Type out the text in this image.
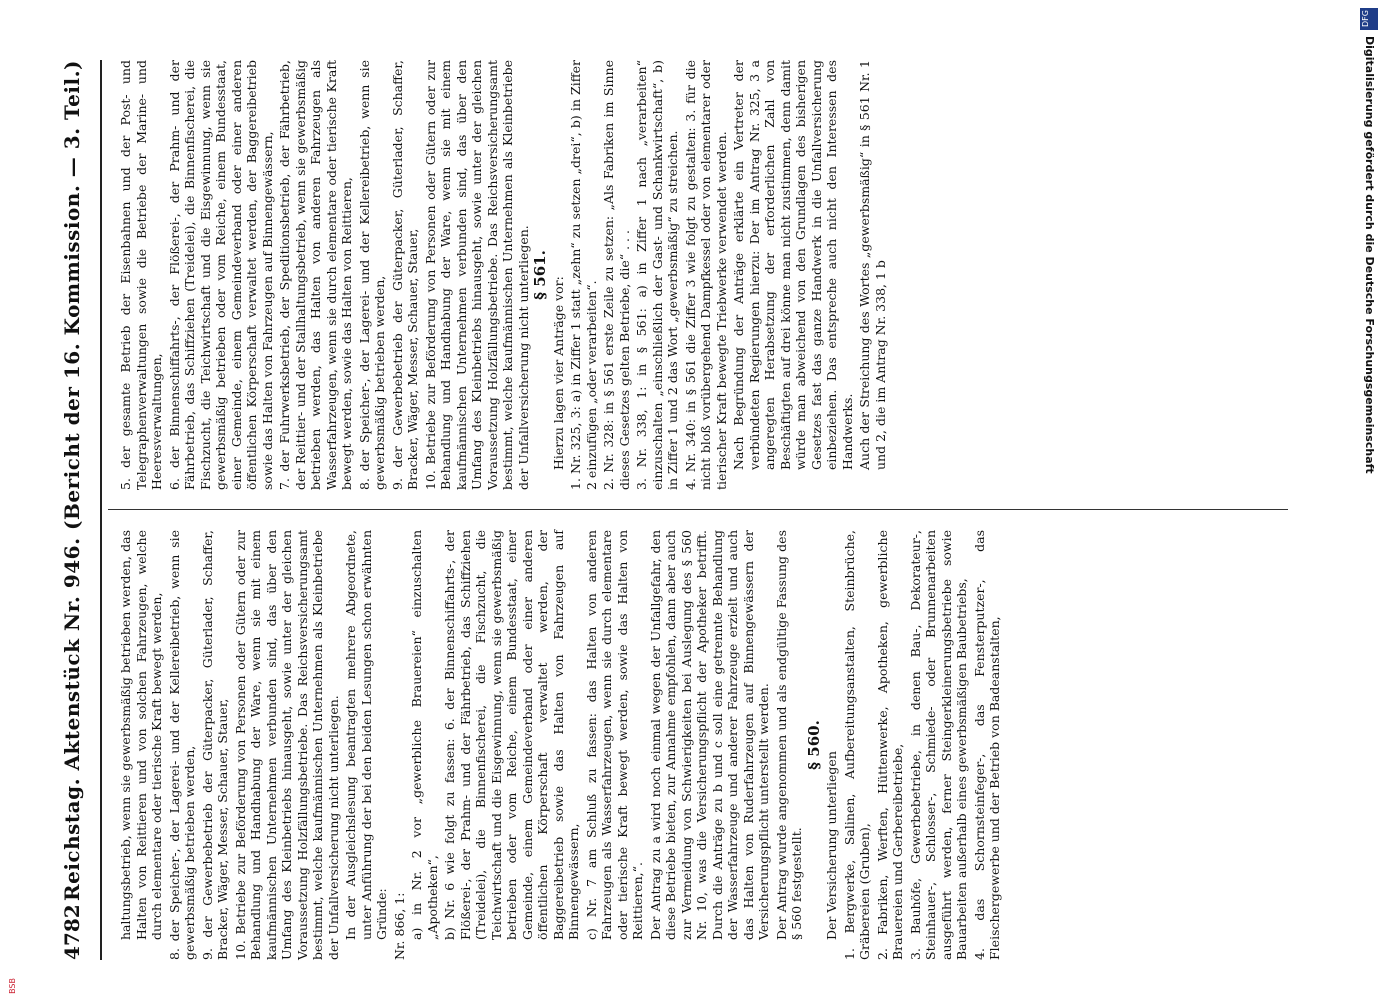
DFG
Digitalisierung gefördert durch die Deutsche Forschungsgemeinschaft
BSB
4782
Reichstag. Aktenstück Nr. 946. (Bericht der 16. Kommission. — 3. Teil.)	haltungsbetrieb, wenn sie gewerbsmäßig betrieben werden, das Halten von Reittieren und von solchen Fahrzeugen, welche durch elementare oder tierische Kraft bewegt werden, 8. der Speicher-, der Lagerei- und der Kellereibetrieb, wenn sie gewerbsmäßig betrieben werden, 9. der Gewerbebetrieb der Güterpacker, Güterlader, Schaffer, Bracker, Wäger, Messer, Schauer, Stauer, 10. Betriebe zur Beförderung von Personen oder Gütern oder zur Behandlung und Handhabung der Ware, wenn sie mit einem kaufmännischen Unternehmen verbunden sind, das über den Umfang des Kleinbetriebs hinausgeht, sowie unter der gleichen Voraussetzung Holzfällungsbetriebe. Das Reichsversicherungsamt bestimmt, welche kaufmännischen Unternehmen als Kleinbetriebe der Unfallversicherung nicht unterliegen. In der Ausgleichslesung beantragten mehrere Abgeordnete, unter Anführung der bei den beiden Lesungen schon erwähnten Gründe: Nr. 866, 1: a) in Nr. 2 vor „gewerbliche Brauereien“ einzuschalten „Apotheken“, b) Nr. 6 wie folgt zu fassen: 6. der Binnenschiffahrts-, der Flößerei-, der Prahm- und der Fährbetrieb, das Schiffziehen (Treidelei), die Binnenfischerei, die Fischzucht, die Teichwirtschaft und die Eisgewinnung, wenn sie gewerbsmäßig betrieben oder vom Reiche, einem Bundesstaat, einer Gemeinde, einem Gemeindeverband oder einer anderen öffentlichen Körperschaft verwaltet werden, der Baggereibetrieb sowie das Halten von Fahrzeugen auf Binnengewässern, c) Nr. 7 am Schluß zu fassen: das Halten von anderen Fahrzeugen als Wasserfahrzeugen, wenn sie durch elementare oder tierische Kraft bewegt werden, sowie das Halten von Reittieren,“. Der Antrag zu a wird noch einmal wegen der Unfallgefahr, den diese Betriebe bieten, zur Annahme empfohlen, dann aber auch zur Vermeidung von Schwierigkeiten bei Auslegung des § 560 Nr. 10, was die Versicherungspflicht der Apotheker betrifft. Durch die Anträge zu b und c soll eine getrennte Behandlung der Wasserfahrzeuge und anderer Fahrzeuge erzielt und auch das Halten von Ruderfahrzeugen auf Binnengewässern der Versicherungspflicht unterstellt werden. Der Antrag wurde angenommen und als endgültige Fassung des § 560 festgestellt.

§ 560.

Der Versicherung unterliegen 1. Bergwerke, Salinen, Aufbereitungsanstalten, Steinbrüche, Gräbereien (Gruben), 2. Fabriken, Werften, Hüttenwerke, Apotheken, gewerbliche Brauereien und Gerbereibetriebe, 3. Bauhöfe, Gewerbebetriebe, in denen Bau-, Dekorateur-, Steinhauer-, Schlosser-, Schmiede- oder Brunnenarbeiten ausgeführt werden, ferner Steingerkleinerungsbetriebe sowie Bauarbeiten außerhalb eines gewerbsmäßigen Baubetriebs, 4. das Schornsteinfeger-, das Fensterputzer-, das Fleischergewerbe und der Betrieb von Badeanstalten,

5. der gesamte Betrieb der Eisenbahnen und der Post- und Telegraphenverwaltungen sowie die Betriebe der Marine- und Heeresverwaltungen, 6. der Binnenschiffahrts-, der Flößerei-, der Prahm- und der Fährbetrieb, das Schiffziehen (Treidelei), die Binnenfischerei, die Fischzucht, die Teichwirtschaft und die Eisgewinnung, wenn sie gewerbsmäßig betrieben oder vom Reiche, einem Bundesstaat, einer Gemeinde, einem Gemeindeverband oder einer anderen öffentlichen Körperschaft verwaltet werden, der Baggereibetrieb sowie das Halten von Fahrzeugen auf Binnengewässern, 7. der Fuhrwerksbetrieb, der Speditionsbetrieb, der Fährbetrieb, der Reittier- und der Stallhaltungsbetrieb, wenn sie gewerbsmäßig betrieben werden, das Halten von anderen Fahrzeugen als Wasserfahrzeugen, wenn sie durch elementare oder tierische Kraft bewegt werden, sowie das Halten von Reittieren, 8. der Speicher-, der Lagerei- und der Kellereibetrieb, wenn sie gewerbsmäßig betrieben werden, 9. der Gewerbebetrieb der Güterpacker, Güterlader, Schaffer, Bracker, Wäger, Messer, Schauer, Stauer, 10. Betriebe zur Beförderung von Personen oder Gütern oder zur Behandlung und Handhabung der Ware, wenn sie mit einem kaufmännischen Unternehmen verbunden sind, das über den Umfang des Kleinbetriebs hinausgeht, sowie unter der gleichen Voraussetzung Holzfällungsbetriebe. Das Reichsversicherungsamt bestimmt, welche kaufmännischen Unternehmen als Kleinbetriebe der Unfallversicherung nicht unterliegen. § 561.

Hierzu lagen vier Anträge vor: 1. Nr. 325, 3: a) in Ziffer 1 statt „zehn“ zu setzen „drei“, b) in Ziffer 2 einzufügen „oder verarbeiten“. 2. Nr. 328: in § 561 erste Zeile zu setzen: „Als Fabriken im Sinne dieses Gesetzes gelten Betriebe, die“ . . . 3. Nr. 338, 1: in § 561: a) in Ziffer 1 nach „verarbeiten“ einzuschalten „einschließlich der Gast- und Schankwirtschaft“, b) in Ziffer 1 und 2 das Wort „gewerbsmäßig“ zu streichen. 4. Nr. 340: in § 561 die Ziffer 3 wie folgt zu gestalten: 3. für die nicht bloß vorübergehend Dampfkessel oder von elementarer oder tierischer Kraft bewegte Triebwerke verwendet werden. Nach Begründung der Anträge erklärte ein Vertreter der verbündeten Regierungen hierzu: Der im Antrag Nr. 325, 3 a angeregten Herabsetzung der erforderlichen Zahl von Beschäftigten auf drei könne man nicht zustimmen, denn damit würde man abweichend von den Grundlagen des bisherigen Gesetzes fast das ganze Handwerk in die Unfallversicherung einbeziehen. Das entspreche auch nicht den Interessen des Handwerks. Auch der Streichung des Wortes „gewerbsmäßig“ in § 561 Nr. 1 und 2, die im Antrag Nr. 338, 1 b
